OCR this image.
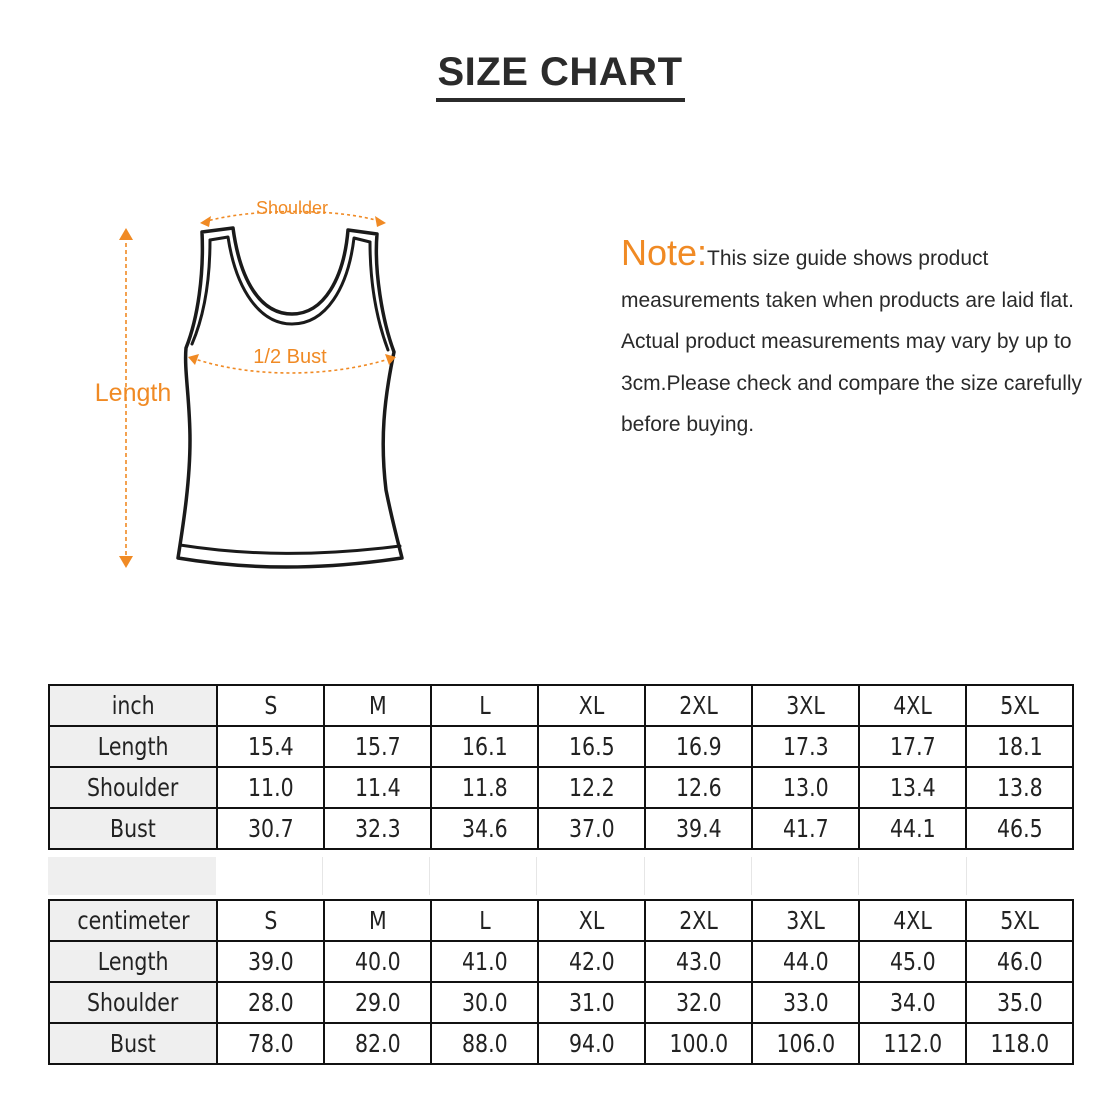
SIZE CHART
Shoulder
1/2 Bust
Length
Note:This size guide shows product measurements taken when products are laid flat. Actual product measurements may vary by up to 3cm.Please check and compare the size carefully before buying.
inch	S	M	L	XL	2XL	3XL	4XL	5XL
Length	15.4	15.7	16.1	16.5	16.9	17.3	17.7	18.1
Shoulder	11.0	11.4	11.8	12.2	12.6	13.0	13.4	13.8
Bust	30.7	32.3	34.6	37.0	39.4	41.7	44.1	46.5
centimeter	S	M	L	XL	2XL	3XL	4XL	5XL
Length	39.0	40.0	41.0	42.0	43.0	44.0	45.0	46.0
Shoulder	28.0	29.0	30.0	31.0	32.0	33.0	34.0	35.0
Bust	78.0	82.0	88.0	94.0	100.0	106.0	112.0	118.0
